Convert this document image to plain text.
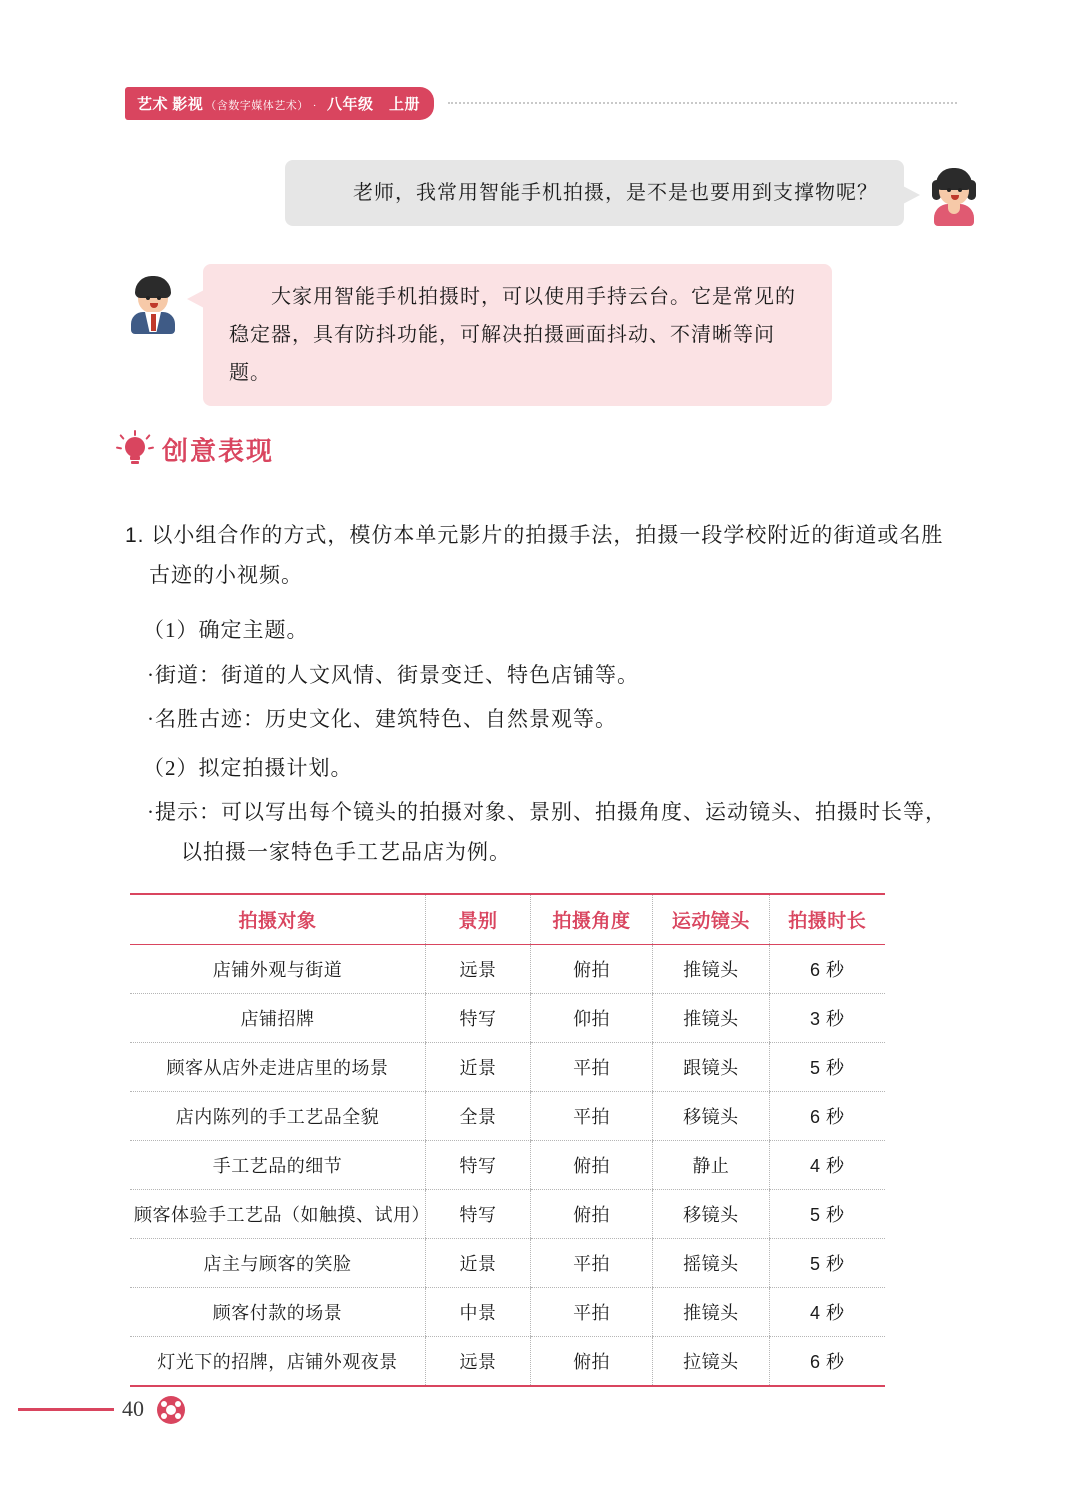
艺术 影视 （含数字媒体艺术） · 八年级　上册
老师，我常用智能手机拍摄，是不是也要用到支撑物呢？
大家用智能手机拍摄时，可以使用手持云台。它是常见的稳定器，具有防抖功能，可解决拍摄画面抖动、不清晰等问题。
创意表现
1. 以小组合作的方式，模仿本单元影片的拍摄手法，拍摄一段学校附近的街道或名胜古迹的小视频。
（1）确定主题。
·街道：街道的人文风情、街景变迁、特色店铺等。
·名胜古迹：历史文化、建筑特色、自然景观等。
（2）拟定拍摄计划。
·提示：可以写出每个镜头的拍摄对象、景别、拍摄角度、运动镜头、拍摄时长等，以拍摄一家特色手工艺品店为例。
拍摄对象	景别	拍摄角度	运动镜头	拍摄时长
店铺外观与街道	远景	俯拍	推镜头	6 秒
店铺招牌	特写	仰拍	推镜头	3 秒
顾客从店外走进店里的场景	近景	平拍	跟镜头	5 秒
店内陈列的手工艺品全貌	全景	平拍	移镜头	6 秒
手工艺品的细节	特写	俯拍	静止	4 秒
顾客体验手工艺品（如触摸、试用）	特写	俯拍	移镜头	5 秒
店主与顾客的笑脸	近景	平拍	摇镜头	5 秒
顾客付款的场景	中景	平拍	推镜头	4 秒
灯光下的招牌，店铺外观夜景	远景	俯拍	拉镜头	6 秒
40
